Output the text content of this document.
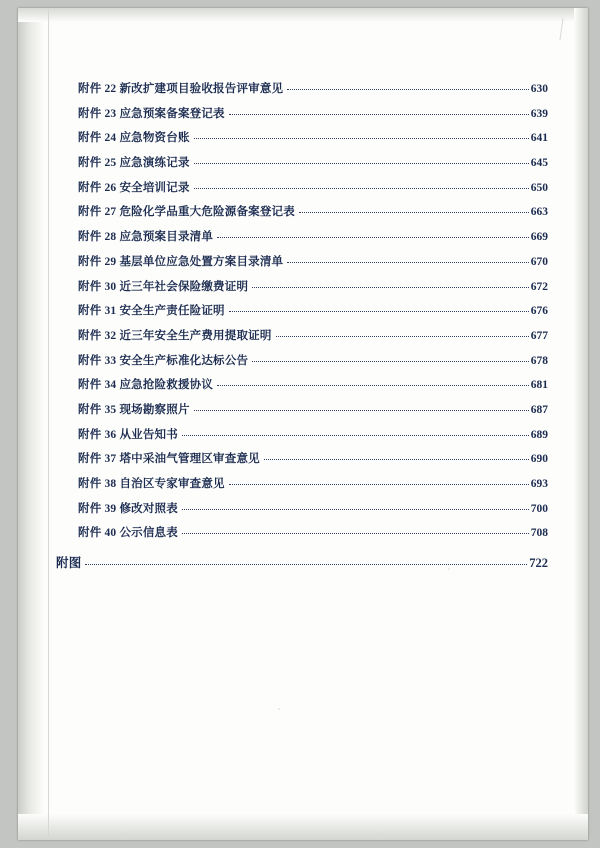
附件 22 新改扩建项目验收报告评审意见	630
附件 23 应急预案备案登记表	639
附件 24 应急物资台账	641
附件 25 应急演练记录	645
附件 26 安全培训记录	650
附件 27 危险化学品重大危险源备案登记表	663
附件 28 应急预案目录清单	669
附件 29 基层单位应急处置方案目录清单	670
附件 30 近三年社会保险缴费证明	672
附件 31 安全生产责任险证明	676
附件 32 近三年安全生产费用提取证明	677
附件 33 安全生产标准化达标公告	678
附件 34 应急抢险救援协议	681
附件 35 现场勘察照片	687
附件 36 从业告知书	689
附件 37 塔中采油气管理区审查意见	690
附件 38 自治区专家审查意见	693
附件 39 修改对照表	700
附件 40 公示信息表	708
附图	722
